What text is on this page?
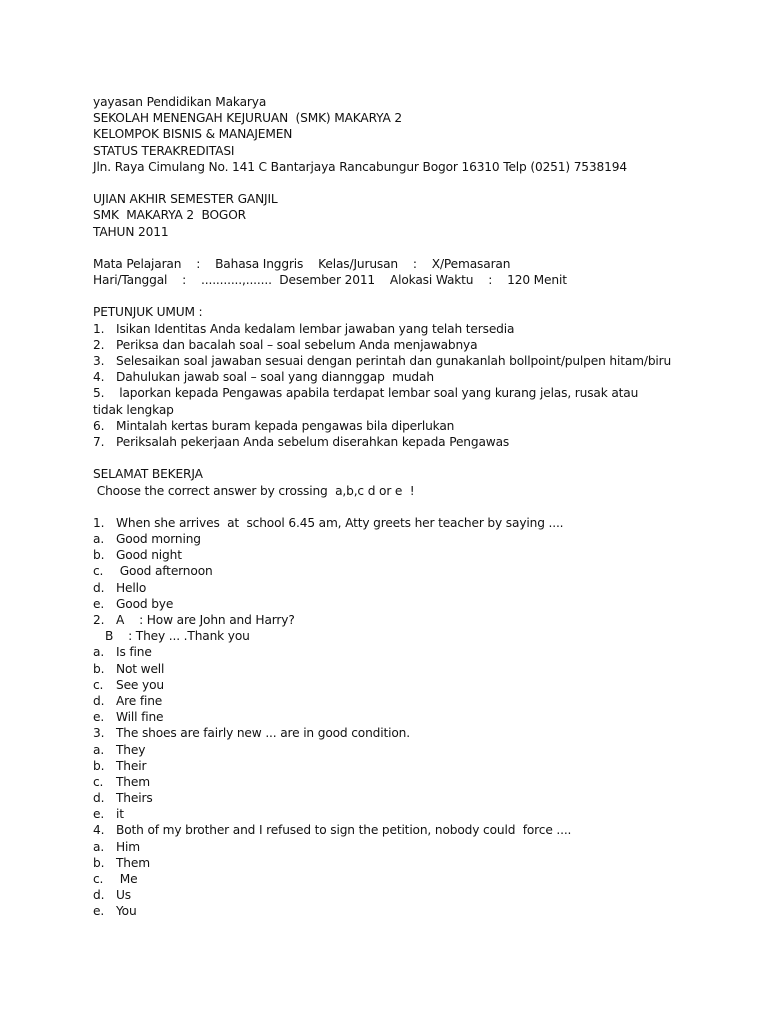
yayasan Pendidikan Makarya
SEKOLAH MENENGAH KEJURUAN  (SMK) MAKARYA 2
KELOMPOK BISNIS & MANAJEMEN
STATUS TERAKREDITASI
Jln. Raya Cimulang No. 141 C Bantarjaya Rancabungur Bogor 16310 Telp (0251) 7538194
UJIAN AKHIR SEMESTER GANJIL
SMK  MAKARYA 2  BOGOR
TAHUN 2011
Mata Pelajaran    : Bahasa Inggris Kelas/Jurusan    : X/Pemasaran
Hari/Tanggal    : ...........,.......  Desember 2011 Alokasi Waktu    : 120 Menit
PETUNJUK UMUM :
1. Isikan Identitas Anda kedalam lembar jawaban yang telah tersedia
2. Periksa dan bacalah soal – soal sebelum Anda menjawabnya
3. Selesaikan soal jawaban sesuai dengan perintah dan gunakanlah bollpoint/pulpen hitam/biru
4. Dahulukan jawab soal – soal yang diannggap  mudah
5. laporkan kepada Pengawas apabila terdapat lembar soal yang kurang jelas, rusak atau tidak lengkap
6. Mintalah kertas buram kepada pengawas bila diperlukan
7. Periksalah pekerjaan Anda sebelum diserahkan kepada Pengawas
SELAMAT BEKERJA
Choose the correct answer by crossing  a,b,c d or e  !
1. When she arrives  at  school 6.45 am, Atty greets her teacher by saying ....
a. Good morning
b. Good night
c.	Good afternoon
d. Hello
e. Good bye
2. A    : How are John and Harry?
B    : They ... .Thank you
a. Is fine
b. Not well
c.	See you
d. Are fine
e. Will fine
3. The shoes are fairly new ... are in good condition.
a. They
b. Their
c.	Them
d. Theirs
e. it
4. Both of my brother and I refused to sign the petition, nobody could  force ....
a. Him
b. Them
c.	Me
d. Us
e. You
